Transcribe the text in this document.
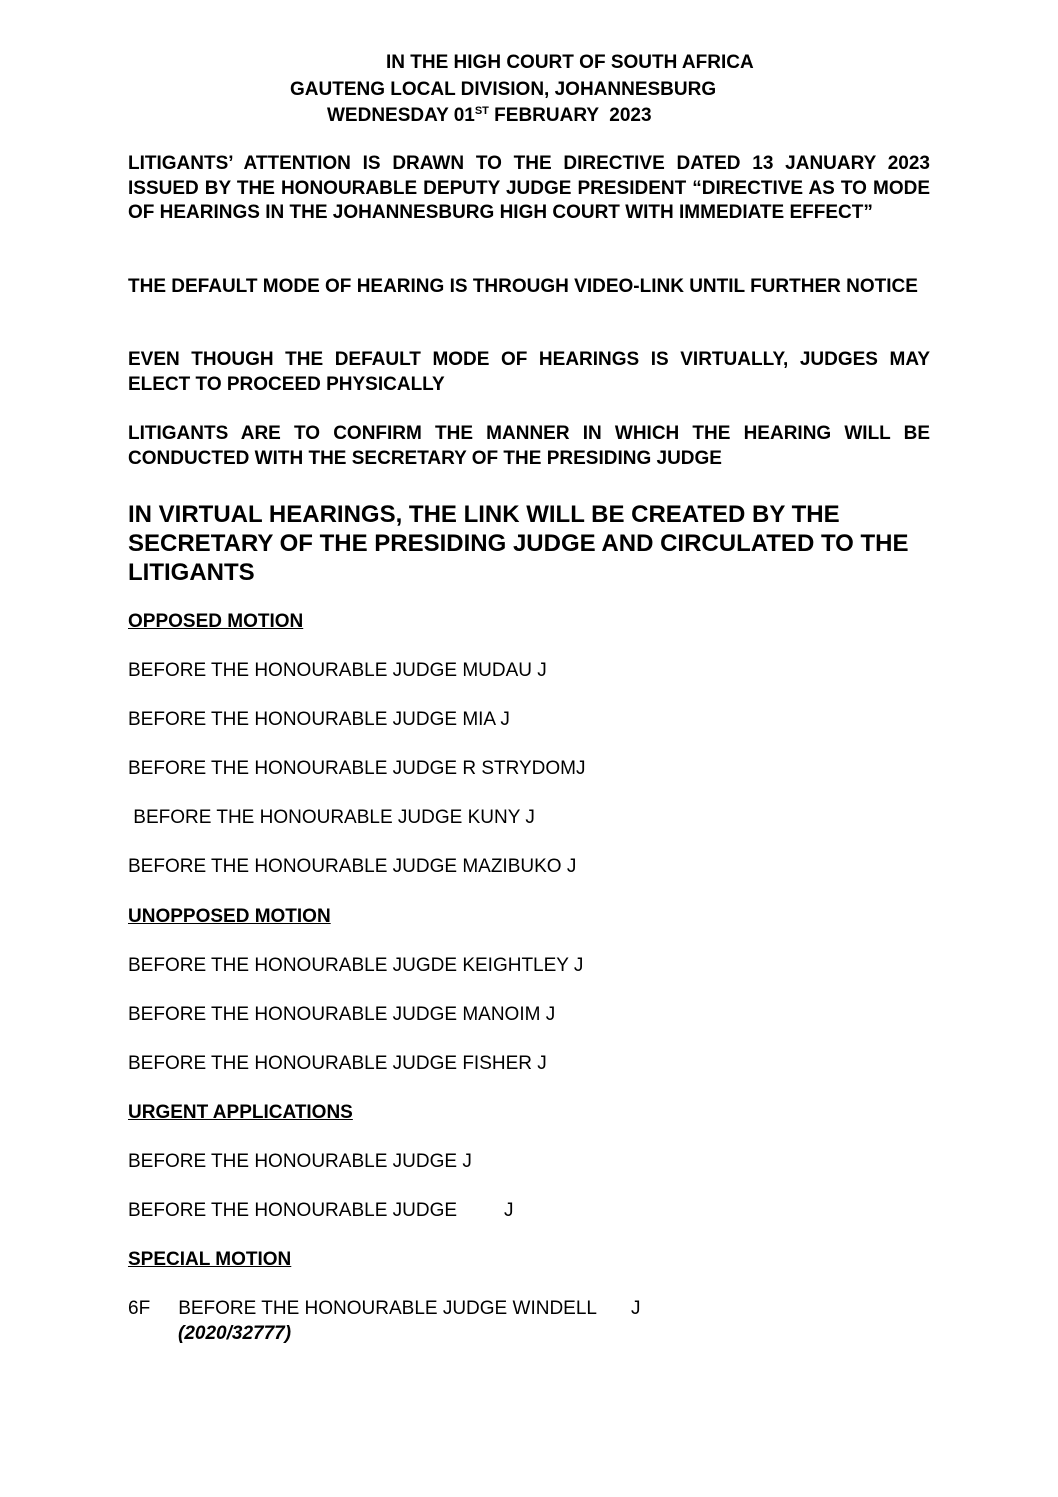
IN THE HIGH COURT OF SOUTH AFRICA
GAUTENG LOCAL DIVISION, JOHANNESBURG
WEDNESDAY 01ST FEBRUARY  2023

LITIGANTS’ ATTENTION IS DRAWN TO THE DIRECTIVE DATED 13 JANUARY 2023 ISSUED BY THE HONOURABLE DEPUTY JUDGE PRESIDENT “DIRECTIVE AS TO MODE OF HEARINGS IN THE JOHANNESBURG HIGH COURT WITH IMMEDIATE EFFECT”

THE DEFAULT MODE OF HEARING IS THROUGH VIDEO-LINK UNTIL FURTHER NOTICE

EVEN THOUGH THE DEFAULT MODE OF HEARINGS IS VIRTUALLY, JUDGES MAY ELECT TO PROCEED PHYSICALLY

LITIGANTS ARE TO CONFIRM THE MANNER IN WHICH THE HEARING WILL BE CONDUCTED WITH THE SECRETARY OF THE PRESIDING JUDGE

IN VIRTUAL HEARINGS, THE LINK WILL BE CREATED BY THE SECRETARY OF THE PRESIDING JUDGE AND CIRCULATED TO THE LITIGANTS

OPPOSED MOTION
BEFORE THE HONOURABLE JUDGE MUDAU J
BEFORE THE HONOURABLE JUDGE MIA J
BEFORE THE HONOURABLE JUDGE R STRYDOMJ
BEFORE THE HONOURABLE JUDGE KUNY J
BEFORE THE HONOURABLE JUDGE MAZIBUKO J
UNOPPOSED MOTION
BEFORE THE HONOURABLE JUGDE KEIGHTLEY J
BEFORE THE HONOURABLE JUDGE MANOIM J
BEFORE THE HONOURABLE JUDGE FISHER J
URGENT APPLICATIONS
BEFORE THE HONOURABLE JUDGE J
BEFORE THE HONOURABLE JUDGE J
SPECIAL MOTION
6F BEFORE THE HONOURABLE JUDGE WINDELL J
(2020/32777)
